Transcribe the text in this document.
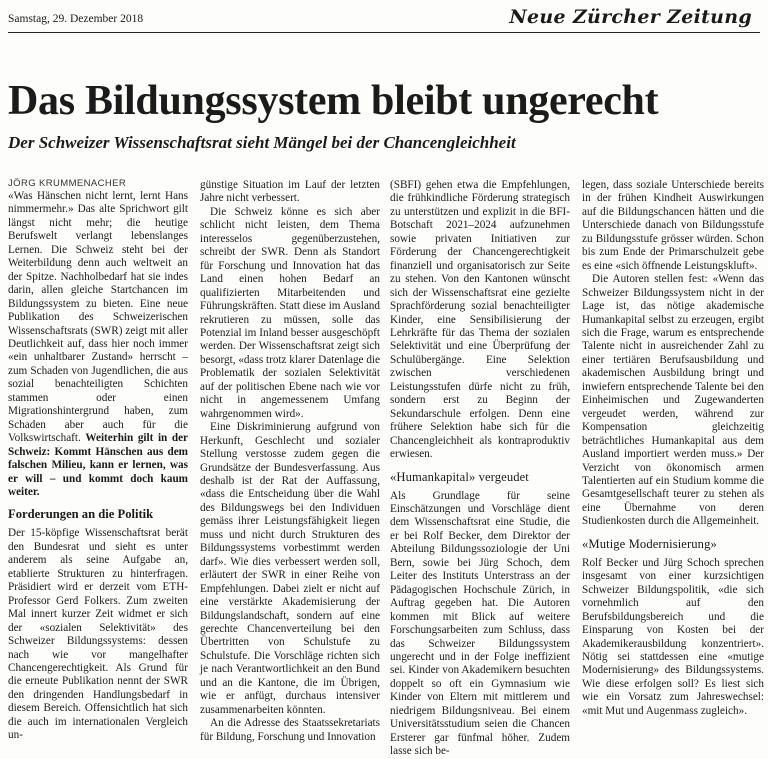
Samstag, 29. Dezember 2018	Neue Zürcher Zeitung
Das Bildungssystem bleibt ungerecht
Der Schweizer Wissenschaftsrat sieht Mängel bei der Chancengleichheit
JÖRG KRUMMENACHER

«Was Hänschen nicht lernt, lernt Hans nimmermehr.» Das alte Sprichwort gilt längst nicht mehr; die heutige Berufswelt verlangt lebenslanges Lernen. Die Schweiz steht bei der Weiterbildung denn auch weltweit an der Spitze. Nachholbedarf hat sie indes darin, allen gleiche Startchancen im Bildungssystem zu bieten. Eine neue Publikation des Schweizerischen Wissenschaftsrats (SWR) zeigt mit aller Deutlichkeit auf, dass hier noch immer «ein unhaltbarer Zustand» herrscht – zum Schaden von Jugendlichen, die aus sozial benachteiligten Schichten stammen oder einen Migrationshintergrund haben, zum Schaden aber auch für die Volkswirtschaft. Weiterhin gilt in der Schweiz: Kommt Hänschen aus dem falschen Milieu, kann er lernen, was er will – und kommt doch kaum weiter.

Forderungen an die Politik

Der 15-köpfige Wissenschaftsrat berät den Bundesrat und sieht es unter anderem als seine Aufgabe an, etablierte Strukturen zu hinterfragen. Präsidiert wird er derzeit vom ETH-Professor Gerd Folkers. Zum zweiten Mal innert kurzer Zeit widmet er sich der «sozialen Selektivität» des Schweizer Bildungssystems: dessen nach wie vor mangelhafter Chancengerechtigkeit. Als Grund für die erneute Publikation nennt der SWR den dringenden Handlungsbedarf in diesem Bereich. Offensichtlich hat sich die auch im internationalen Vergleich un-

günstige Situation im Lauf der letzten Jahre nicht verbessert.

Die Schweiz könne es sich aber schlicht nicht leisten, dem Thema interesselos gegenüberzustehen, schreibt der SWR. Denn als Standort für Forschung und Innovation hat das Land einen hohen Bedarf an qualifizierten Mitarbeitenden und Führungskräften. Statt diese im Ausland rekrutieren zu müssen, solle das Potenzial im Inland besser ausgeschöpft werden. Der Wissenschaftsrat zeigt sich besorgt, «dass trotz klarer Datenlage die Problematik der sozialen Selektivität auf der politischen Ebene nach wie vor nicht in angemessenem Umfang wahrgenommen wird».

Eine Diskriminierung aufgrund von Herkunft, Geschlecht und sozialer Stellung verstosse zudem gegen die Grundsätze der Bundesverfassung. Aus deshalb ist der Rat der Auffassung, «dass die Entscheidung über die Wahl des Bildungswegs bei den Individuen gemäss ihrer Leistungsfähigkeit liegen muss und nicht durch Strukturen des Bildungssystems vorbestimmt werden darf». Wie dies verbessert werden soll, erläutert der SWR in einer Reihe von Empfehlungen. Dabei zielt er nicht auf eine verstärkte Akademisierung der Bildungslandschaft, sondern auf eine gerechte Chancenverteilung bei den Übertritten von Schulstufe zu Schulstufe. Die Vorschläge richten sich je nach Verantwortlichkeit an den Bund und an die Kantone, die im Übrigen, wie er anfügt, durchaus intensiver zusammenarbeiten könnten.

An die Adresse des Staatssekretariats für Bildung, Forschung und Innovation

(SBFI) gehen etwa die Empfehlungen, die frühkindliche Förderung strategisch zu unterstützen und explizit in die BFI-Botschaft 2021–2024 aufzunehmen sowie privaten Initiativen zur Förderung der Chancengerechtigkeit finanziell und organisatorisch zur Seite zu stehen. Von den Kantonen wünscht sich der Wissenschaftsrat eine gezielte Sprachförderung sozial benachteiligter Kinder, eine Sensibilisierung der Lehrkräfte für das Thema der sozialen Selektivität und eine Überprüfung der Schulübergänge. Eine Selektion zwischen verschiedenen Leistungsstufen dürfe nicht zu früh, sondern erst zu Beginn der Sekundarschule erfolgen. Denn eine frühere Selektion habe sich für die Chancengleichheit als kontraproduktiv erwiesen.

«Humankapital» vergeudet

Als Grundlage für seine Einschätzungen und Vorschläge dient dem Wissenschaftsrat eine Studie, die er bei Rolf Becker, dem Direktor der Abteilung Bildungssoziologie der Uni Bern, sowie bei Jürg Schoch, dem Leiter des Instituts Unterstrass an der Pädagogischen Hochschule Zürich, in Auftrag gegeben hat. Die Autoren kommen mit Blick auf weitere Forschungsarbeiten zum Schluss, dass das Schweizer Bildungssystem ungerecht und in der Folge ineffizient sei. Kinder von Akademikern besuchten doppelt so oft ein Gymnasium wie Kinder von Eltern mit mittlerem und niedrigem Bildungsniveau. Bei einem Universitätsstudium seien die Chancen Ersterer gar fünfmal höher. Zudem lasse sich be-

legen, dass soziale Unterschiede bereits in der frühen Kindheit Auswirkungen auf die Bildungschancen hätten und die Unterschiede danach von Bildungsstufe zu Bildungsstufe grösser würden. Schon bis zum Ende der Primarschulzeit gebe es eine «sich öffnende Leistungskluft».

Die Autoren stellen fest: «Wenn das Schweizer Bildungssystem nicht in der Lage ist, das nötige akademische Humankapital selbst zu erzeugen, ergibt sich die Frage, warum es entsprechende Talente nicht in ausreichender Zahl zu einer tertiären Berufsausbildung und akademischen Ausbildung bringt und inwiefern entsprechende Talente bei den Einheimischen und Zugewanderten vergeudet werden, während zur Kompensation gleichzeitig beträchtliches Humankapital aus dem Ausland importiert werden muss.» Der Verzicht von ökonomisch armen Talentierten auf ein Studium komme die Gesamtgesellschaft teurer zu stehen als eine Übernahme von deren Studienkosten durch die Allgemeinheit.

«Mutige Modernisierung»

Rolf Becker und Jürg Schoch sprechen insgesamt von einer kurzsichtigen Schweizer Bildungspolitik, «die sich vornehmlich auf den Berufsbildungsbereich und die Einsparung von Kosten bei der Akademikerausbildung konzentriert». Nötig sei stattdessen eine «mutige Modernisierung» des Bildungssystems. Wie diese erfolgen soll? Es liest sich wie ein Vorsatz zum Jahreswechsel: «mit Mut und Augenmass zugleich».
